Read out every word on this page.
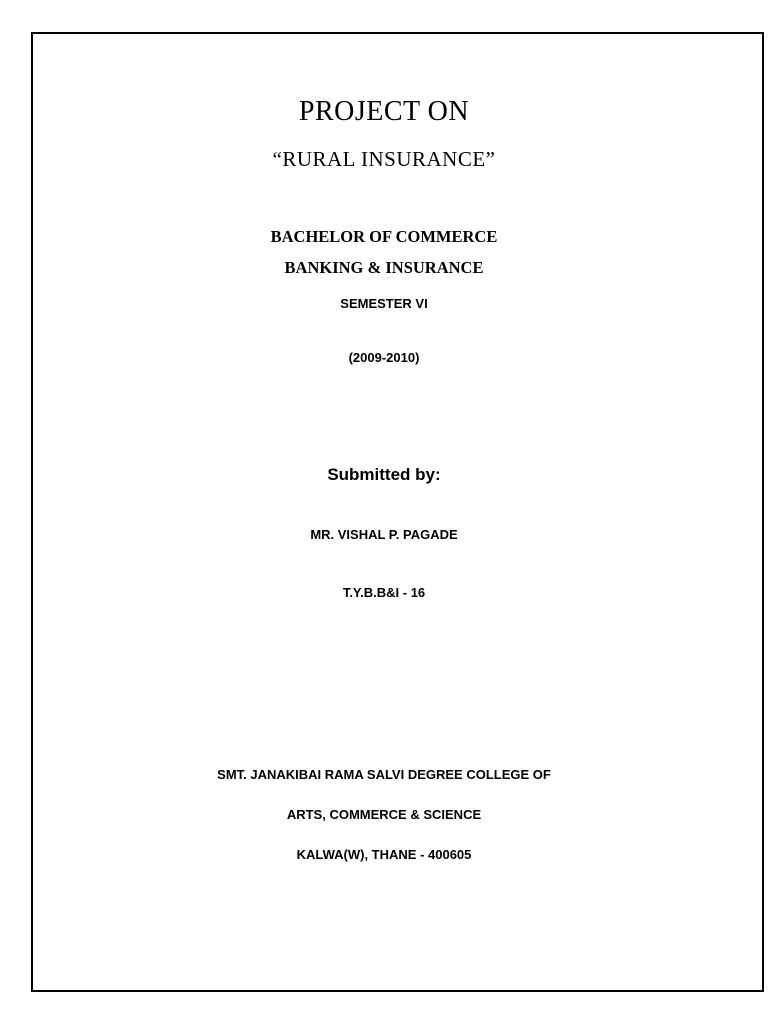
PROJECT ON
“RURAL INSURANCE”
BACHELOR OF COMMERCE
BANKING & INSURANCE
SEMESTER VI
(2009-2010)
Submitted by:
MR. VISHAL P. PAGADE
T.Y.B.B&I - 16
SMT. JANAKIBAI RAMA SALVI DEGREE COLLEGE OF
ARTS, COMMERCE & SCIENCE
KALWA(W), THANE - 400605
